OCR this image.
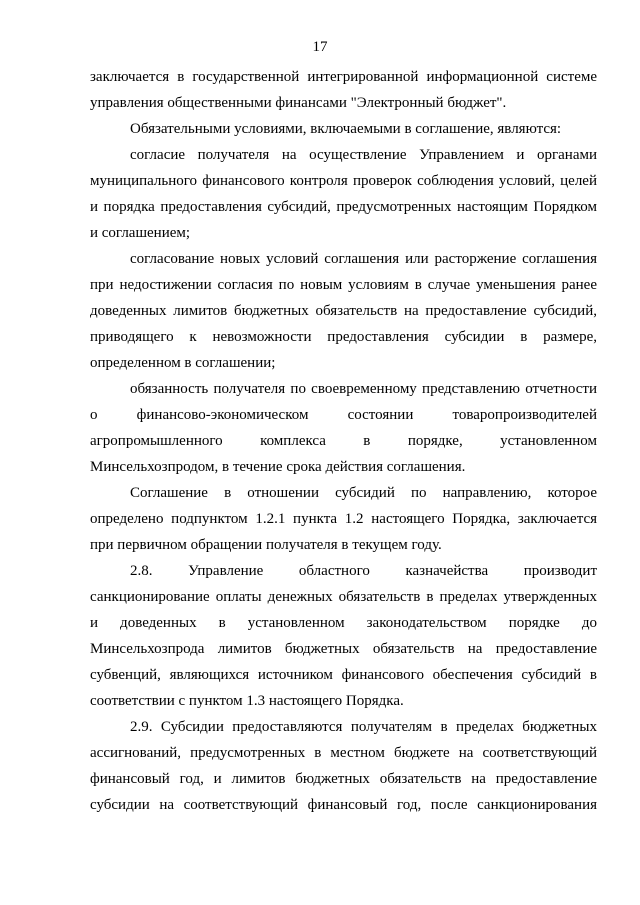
17
заключается в государственной интегрированной информационной системе
управления общественными финансами "Электронный бюджет".
Обязательными условиями, включаемыми в соглашение, являются:
согласие получателя на осуществление Управлением и органами
муниципального финансового контроля проверок соблюдения условий, целей
и порядка предоставления субсидий, предусмотренных настоящим Порядком
и соглашением;
согласование новых условий соглашения или расторжение соглашения
при недостижении согласия по новым условиям в случае уменьшения ранее
доведенных лимитов бюджетных обязательств на предоставление субсидий,
приводящего к невозможности предоставления субсидии в размере,
определенном в соглашении;
обязанность получателя по своевременному представлению отчетности
о финансово-экономическом состоянии товаропроизводителей
агропромышленного комплекса в порядке, установленном
Минсельхозпродом, в течение срока действия соглашения.
Соглашение в отношении субсидий по направлению, которое
определено подпунктом 1.2.1 пункта 1.2 настоящего Порядка, заключается
при первичном обращении получателя в текущем году.
2.8. Управление областного казначейства производит
санкционирование оплаты денежных обязательств в пределах утвержденных
и доведенных в установленном законодательством порядке до
Минсельхозпрода лимитов бюджетных обязательств на предоставление
субвенций, являющихся источником финансового обеспечения субсидий в
соответствии с пунктом 1.3 настоящего Порядка.
2.9. Субсидии предоставляются получателям в пределах бюджетных
ассигнований, предусмотренных в местном бюджете на соответствующий
финансовый год, и лимитов бюджетных обязательств на предоставление
субсидии на соответствующий финансовый год, после санкционирования
